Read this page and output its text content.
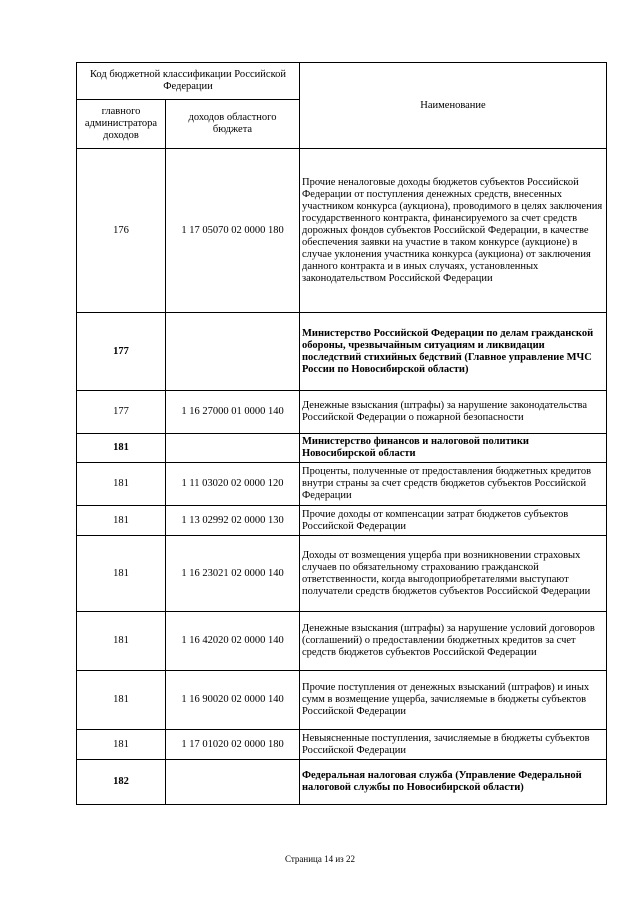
Код бюджетной классификации Российской Федерации		Наименование
главного администратора доходов	доходов областного бюджета	
176	1 17 05070 02 0000 180	Прочие неналоговые доходы бюджетов субъектов Российской Федерации от поступления денежных средств, внесенных участником конкурса (аукциона), проводимого в целях заключения государственного контракта, финансируемого за счет средств дорожных фондов субъектов Российской Федерации, в качестве обеспечения заявки на участие в таком конкурсе (аукционе) в случае уклонения участника конкурса (аукциона) от заключения данного контракта и в иных случаях, установленных законодательством Российской Федерации
177		Министерство Российской Федерации по делам гражданской обороны, чрезвычайным ситуациям и ликвидации последствий стихийных бедствий (Главное управление МЧС России по Новосибирской области)
177	1 16 27000 01 0000 140	Денежные взыскания (штрафы) за нарушение законодательства Российской Федерации о пожарной безопасности
181		Министерство финансов и налоговой политики Новосибирской области
181	1 11 03020 02 0000 120	Проценты, полученные от предоставления бюджетных кредитов внутри страны за счет средств бюджетов субъектов Российской Федерации
181	1 13 02992 02 0000 130	Прочие доходы от компенсации затрат бюджетов субъектов Российской Федерации
181	1 16 23021 02 0000 140	Доходы от возмещения ущерба при возникновении страховых случаев по обязательному страхованию гражданской ответственности, когда выгодоприобретателями выступают получатели средств бюджетов субъектов Российской Федерации
181	1 16 42020 02 0000 140	Денежные взыскания (штрафы) за нарушение условий договоров (соглашений) о предоставлении бюджетных кредитов за счет средств бюджетов субъектов Российской Федерации
181	1 16 90020 02 0000 140	Прочие поступления от денежных взысканий (штрафов) и иных сумм в возмещение ущерба, зачисляемые в бюджеты субъектов Российской Федерации
181	1 17 01020 02 0000 180	Невыясненные поступления, зачисляемые в бюджеты субъектов Российской Федерации
182		Федеральная налоговая служба (Управление Федеральной налоговой службы по Новосибирской области)
Страница 14 из 22
